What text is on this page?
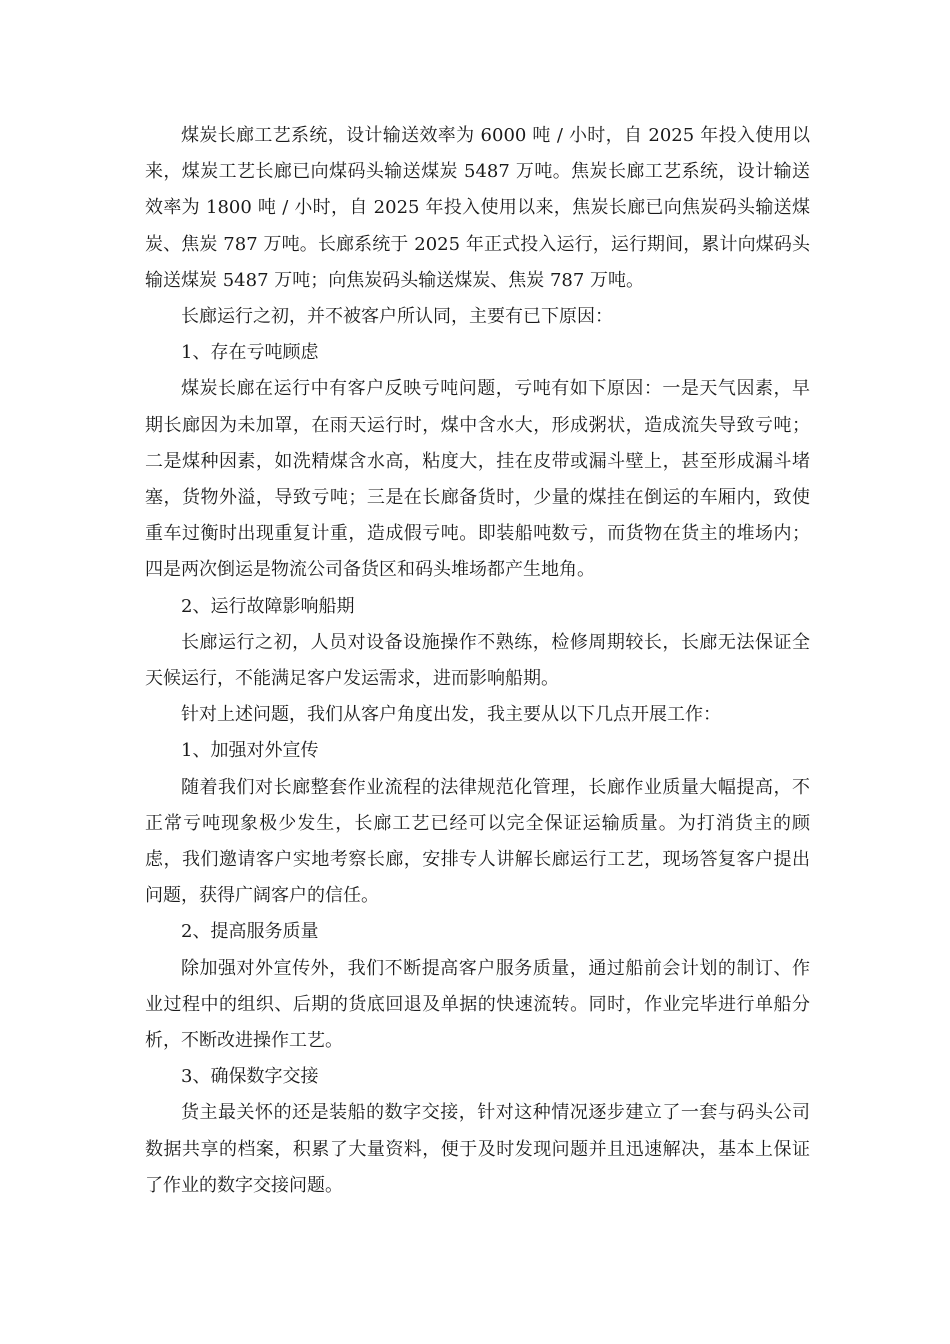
煤炭长廊工艺系统，设计输送效率为 6000 吨 / 小时，自 2025 年投入使用以来，煤炭工艺长廊已向煤码头输送煤炭 5487 万吨。焦炭长廊工艺系统，设计输送效率为 1800 吨 / 小时，自 2025 年投入使用以来，焦炭长廊已向焦炭码头输送煤炭、焦炭 787 万吨。长廊系统于 2025 年正式投入运行，运行期间，累计向煤码头输送煤炭 5487 万吨；向焦炭码头输送煤炭、焦炭 787 万吨。

长廊运行之初，并不被客户所认同，主要有已下原因：

1、存在亏吨顾虑

煤炭长廊在运行中有客户反映亏吨问题，亏吨有如下原因：一是天气因素，早期长廊因为未加罩，在雨天运行时，煤中含水大，形成粥状，造成流失导致亏吨；二是煤种因素，如洗精煤含水高，粘度大，挂在皮带或漏斗壁上，甚至形成漏斗堵塞，货物外溢，导致亏吨；三是在长廊备货时，少量的煤挂在倒运的车厢内，致使重车过衡时出现重复计重，造成假亏吨。即装船吨数亏，而货物在货主的堆场内；四是两次倒运是物流公司备货区和码头堆场都产生地角。

2、运行故障影响船期

长廊运行之初，人员对设备设施操作不熟练，检修周期较长，长廊无法保证全天候运行，不能满足客户发运需求，进而影响船期。

针对上述问题，我们从客户角度出发，我主要从以下几点开展工作：

1、加强对外宣传

随着我们对长廊整套作业流程的法律规范化管理，长廊作业质量大幅提高，不正常亏吨现象极少发生，长廊工艺已经可以完全保证运输质量。为打消货主的顾虑，我们邀请客户实地考察长廊，安排专人讲解长廊运行工艺，现场答复客户提出问题，获得广阔客户的信任。

2、提高服务质量

除加强对外宣传外，我们不断提高客户服务质量，通过船前会计划的制订、作业过程中的组织、后期的货底回退及单据的快速流转。同时，作业完毕进行单船分析，不断改进操作工艺。

3、确保数字交接

货主最关怀的还是装船的数字交接，针对这种情况逐步建立了一套与码头公司数据共享的档案，积累了大量资料，便于及时发现问题并且迅速解决，基本上保证了作业的数字交接问题。
